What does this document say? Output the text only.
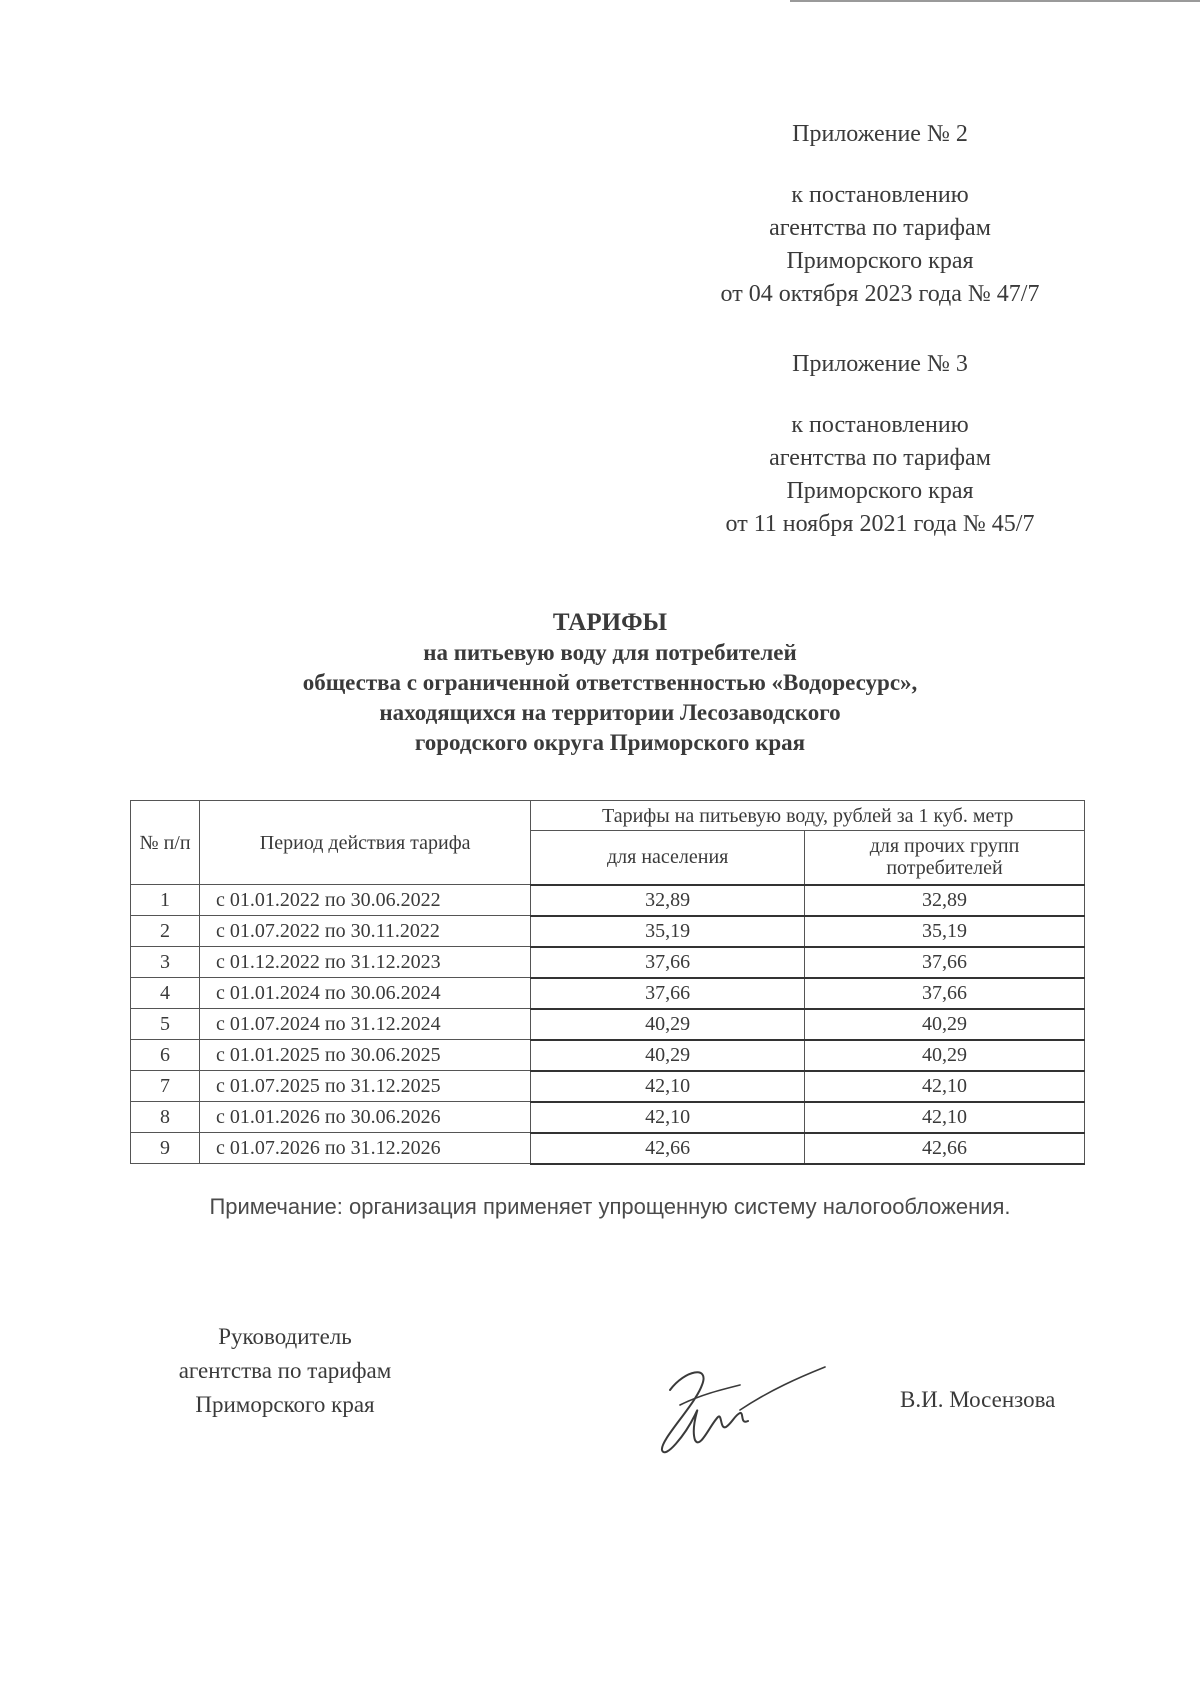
Приложение № 2
к постановлению
агентства по тарифам
Приморского края
от 04 октября 2023 года № 47/7
Приложение № 3
к постановлению
агентства по тарифам
Приморского края
от 11 ноября 2021 года № 45/7
ТАРИФЫ
на питьевую воду для потребителей
общества с ограниченной ответственностью «Водоресурс»,
находящихся на территории Лесозаводского
городского округа Приморского края
№ п/п	Период действия тарифа	Тарифы на питьевую воду, рублей за 1 куб. метр	
		для населения	для прочих групп потребителей
1	с 01.01.2022 по 30.06.2022	32,89	32,89
2	с 01.07.2022 по 30.11.2022	35,19	35,19
3	с 01.12.2022 по 31.12.2023	37,66	37,66
4	с 01.01.2024 по 30.06.2024	37,66	37,66
5	с 01.07.2024 по 31.12.2024	40,29	40,29
6	с 01.01.2025 по 30.06.2025	40,29	40,29
7	с 01.07.2025 по 31.12.2025	42,10	42,10
8	с 01.01.2026 по 30.06.2026	42,10	42,10
9	с 01.07.2026 по 31.12.2026	42,66	42,66
Примечание: организация применяет упрощенную систему налогообложения.
Руководитель
агентства по тарифам
Приморского края	В.И. Мосензова
